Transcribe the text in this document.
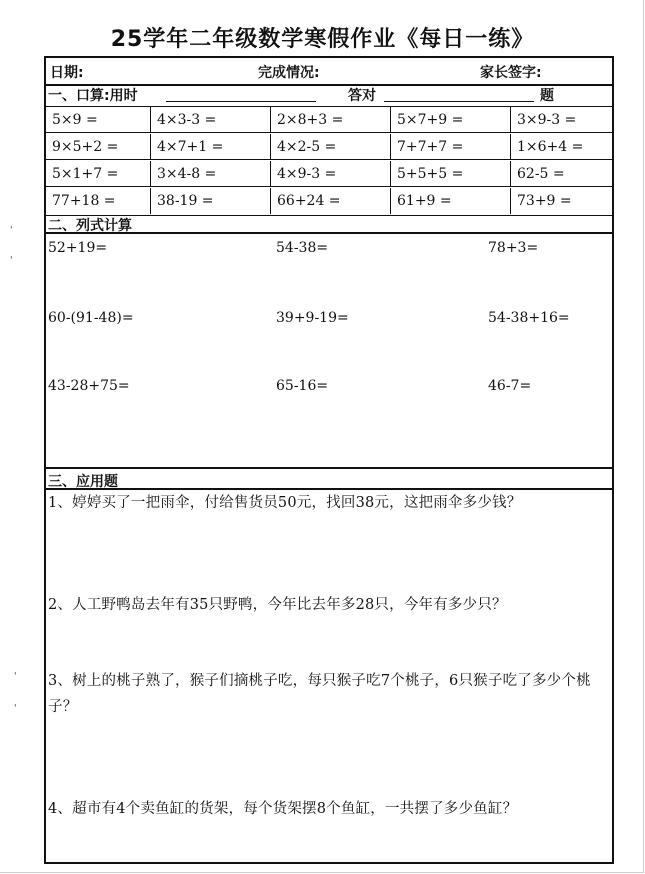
25学年二年级数学寒假作业《每日一练》
日期:	完成情况:	家长签字:
一、口算:用时	答对	题
5×9 =	4×3-3 =	2×8+3 =	5×7+9 =	3×9-3 =
9×5+2 =	4×7+1 =	4×2-5 =	7+7+7 =	1×6+4 =
5×1+7 =	3×4-8 =	4×9-3 =	5+5+5 =	62-5 =
77+18 =	38-19 =	66+24 =	61+9 =	73+9 =
二、列式计算
52+19=	54-38=	78+3=
60-(91-48)=	39+9-19=	54-38+16=
43-28+75=	65-16=	46-7=
三、应用题
1、婷婷买了一把雨伞，付给售货员50元，找回38元，这把雨伞多少钱？
2、人工野鸭岛去年有35只野鸭，今年比去年多28只，今年有多少只？
3、树上的桃子熟了，猴子们摘桃子吃，每只猴子吃7个桃子，6只猴子吃了多少个桃子？
4、超市有4个卖鱼缸的货架，每个货架摆8个鱼缸，一共摆了多少鱼缸？
'
'
'
'
